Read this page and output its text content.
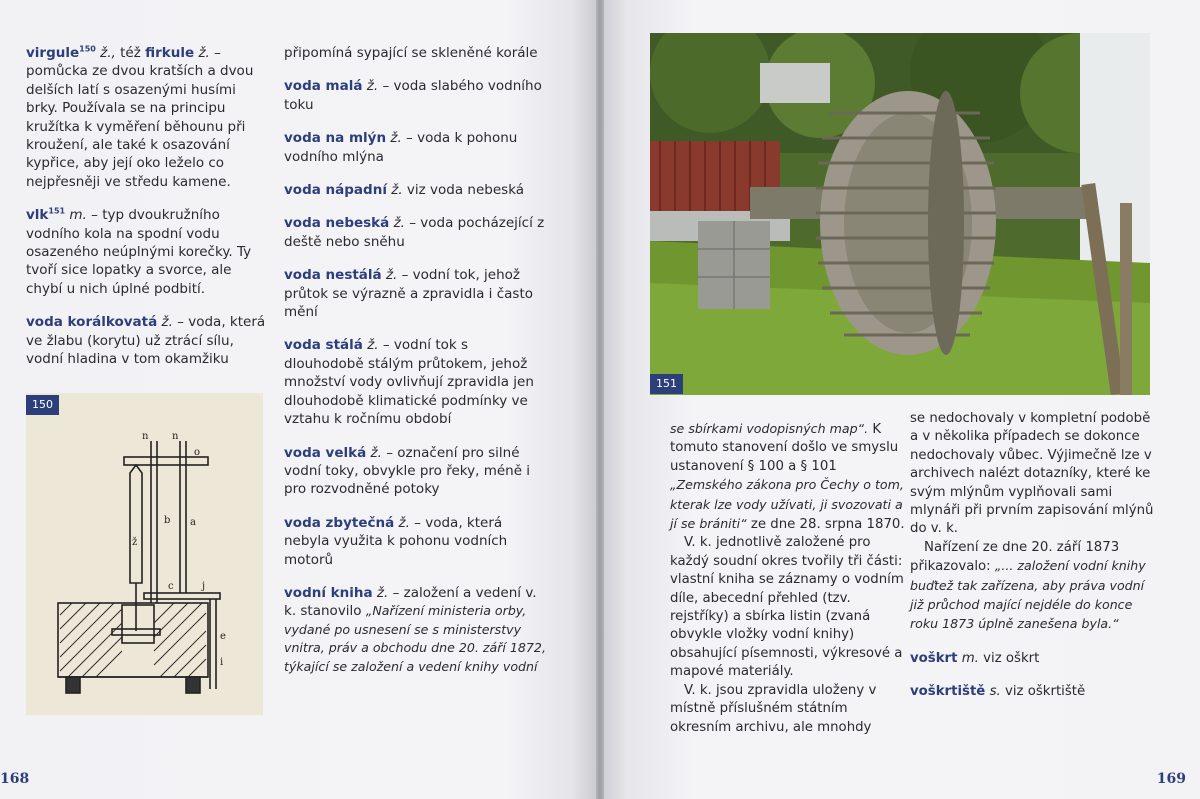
virgule$^{150}$ ž., též firkule ž. – pomůcka ze dvou kratších a dvou delších latí s osazenými husími brky. Používala se na principu kružítka k vyměření běhounu při kroužení, ale také k osazování kypřice, aby její oko leželo co nejpřesněji ve středu kamene.
vlk$^{151}$ m. – typ dvoukružního vodního kola na spodní vodu osazeného neúplnými korečky. Ty tvoří sice lopatky a svorce, ale chybí u nich úplné podbití.
voda korálkovatá ž. – voda, která ve žlabu (korytu) už ztrácí sílu, vodní hladina v tom okamžiku
připomíná sypající se skleněné korále
voda malá ž. – voda slabého vodního toku
voda na mlýn ž. – voda k pohonu vodního mlýna
voda nápadní ž. viz voda nebeská
voda nebeská ž. – voda pocházející z deště nebo sněhu
voda nestálá ž. – vodní tok, jehož průtok se výrazně a zpravidla i často mění
voda stálá ž. – vodní tok s dlouhodobě stálým průtokem, jehož množství vody ovlivňují zpravidla jen dlouhodobě klimatické podmínky ve vztahu k ročnímu období
voda velká ž. – označení pro silné vodní toky, obvykle pro řeky, méně i pro rozvodněné potoky
voda zbytečná ž. – voda, která nebyla využita k pohonu vodních motorů
vodní kniha ž. – založení a vedení v. k. stanovilo „Nařízení ministeria orby, vydané po usnesení se s ministerstvy vnitra, práv a obchodu dne 20. září 1872, týkající se založení a vedení knihy vodní
n n
o
b a
ž
c	j
e
i
150
168
151

se sbírkami vodopisných map“. K tomuto stanovení došlo ve smyslu ustanovení § 100 a § 101 „Zemského zákona pro Čechy o tom, kterak lze vody užívati, ji svozovati a jí se brániti“ ze dne 28. srpna 1870.

V. k. jednotlivě založené pro každý soudní okres tvořily tři části: vlastní kniha se záznamy o vodním díle, abecední přehled (tzv. rejstříky) a sbírka listin (zvaná obvykle vložky vodní knihy) obsahující písemnosti, výkresové a mapové materiály.

V. k. jsou zpravidla uloženy v místně příslušném státním okresním archivu, ale mnohdy

se nedochovaly v kompletní podobě a v několika případech se dokonce nedochovaly vůbec. Výjimečně lze v archivech nalézt dotazníky, které ke svým mlýnům vyplňovali sami mlynáři při prvním zapisování mlýnů do v. k.

Nařízení ze dne 20. září 1873 přikazovalo: „... založení vodní knihy buďtež tak zařízena, aby práva vodní již průchod mající nejdéle do konce roku 1873 úplně zanešena byla.“

voškrt m. viz oškrt
voškrtiště s. viz oškrtiště
169
